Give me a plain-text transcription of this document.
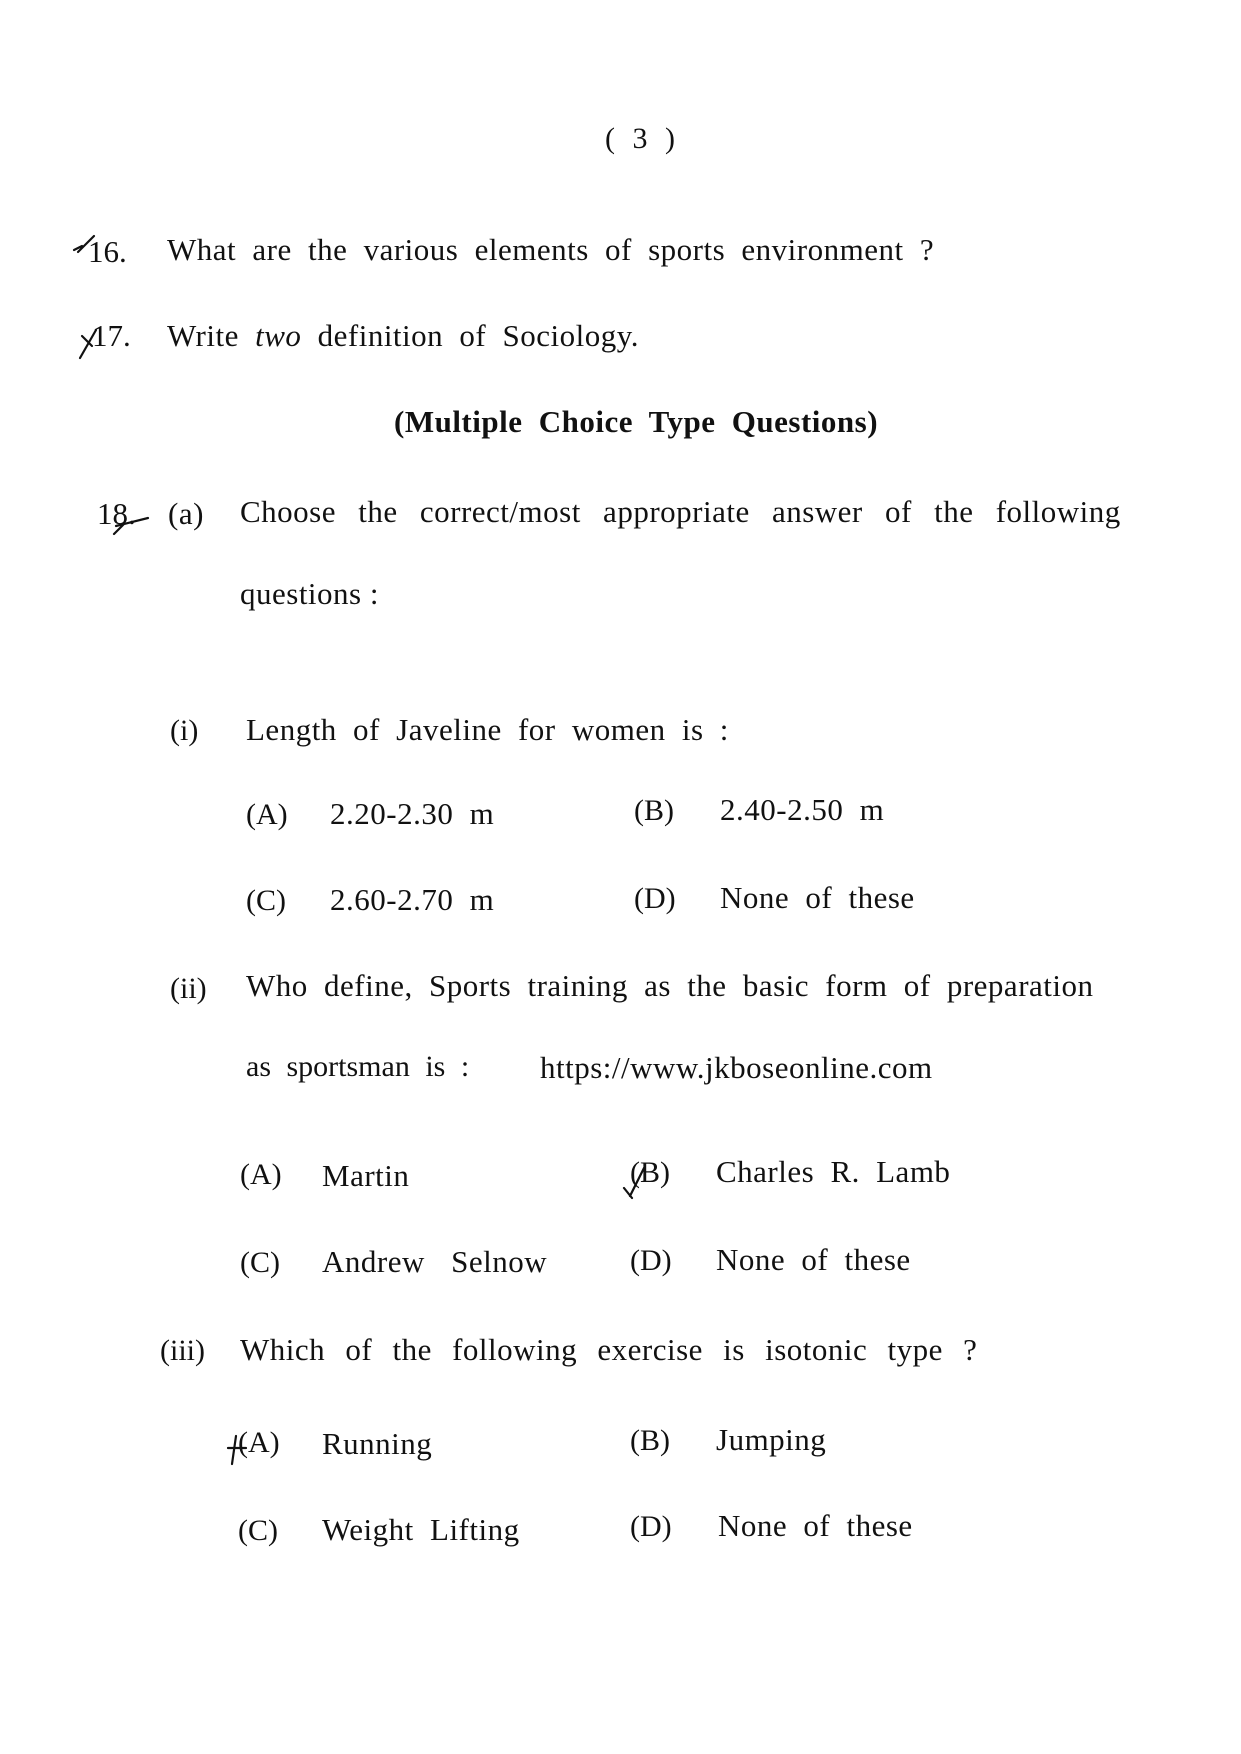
( 3 )
16. What are the various elements of sports environment ?
17. Write two definition of Sociology.
(Multiple Choice Type Questions)
18. (a) Choose the correct/most appropriate answer of the following
questions :
(i) Length of Javeline for women is :
(A) 2.20-2.30 m	(B) 2.40-2.50 m
(C) 2.60-2.70 m	(D) None of these
(ii) Who define, Sports training as the basic form of preparation
as sportsman is : https://www.jkboseonline.com
(A) Martin	(B) Charles R. Lamb
(C) Andrew Selnow	(D) None of these
(iii) Which of the following exercise is isotonic type ?
(A) Running	(B) Jumping
(C) Weight Lifting	(D) None of these
